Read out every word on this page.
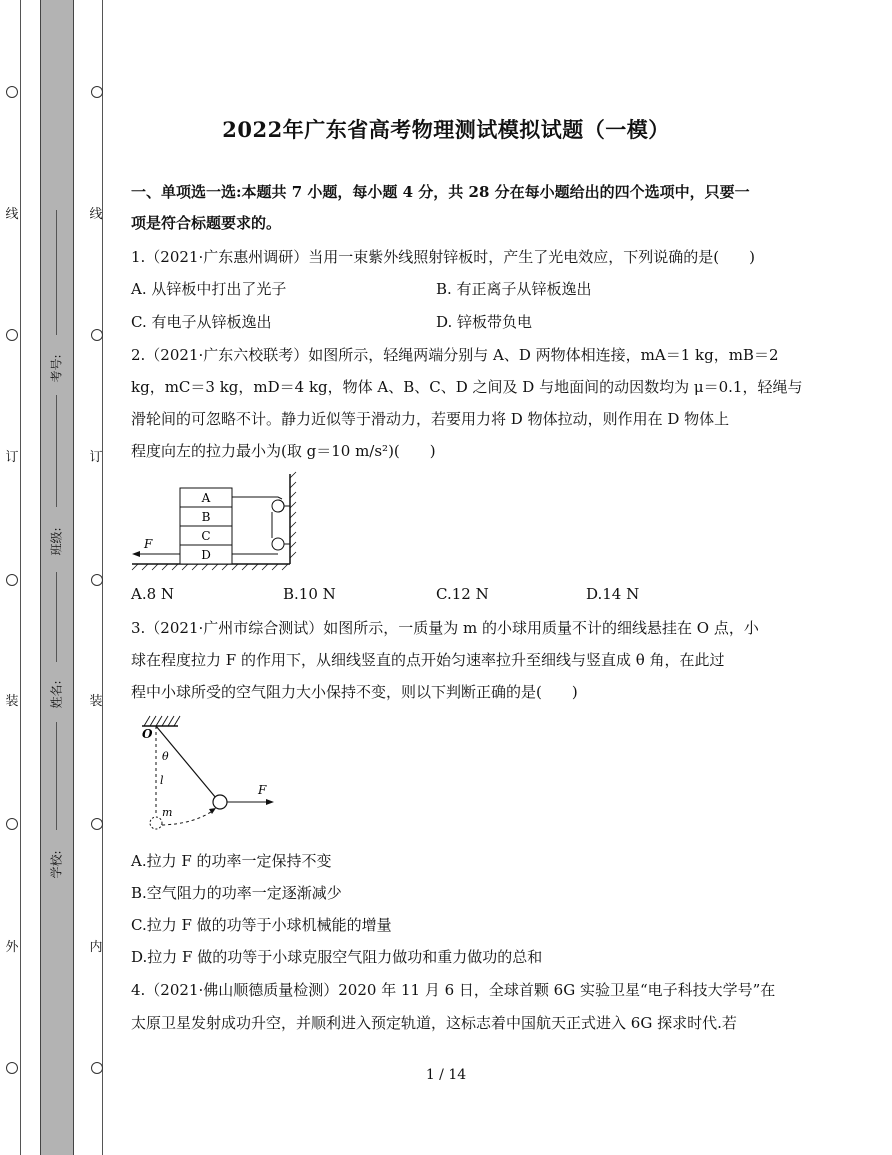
线
订
装
外
线
订
装
内
考号:
班级:
姓名:
学校:
2022年广东省高考物理测试模拟试题（一模）
一、单项选一选:本题共 7 小题，每小题 4 分，共 28 分在每小题给出的四个选项中，只要一
项是符合标题要求的。
1.（2021·广东惠州调研）当用一束紫外线照射锌板时，产生了光电效应，下列说确的是(　　)
A. 从锌板中打出了光子	B. 有正离子从锌板逸出
C. 有电子从锌板逸出	D. 锌板带负电
2.（2021·广东六校联考）如图所示，轻绳两端分别与 A、D 两物体相连接，mA＝1 kg，mB＝2
kg，mC＝3 kg，mD＝4 kg，物体 A、B、C、D 之间及 D 与地面间的动因数均为 μ＝0.1，轻绳与
滑轮间的可忽略不计。静力近似等于滑动力，若要用力将 D 物体拉动，则作用在 D 物体上
程度向左的拉力最小为(取 g＝10 m/s²)(　　)
A
B
C
D
F
A.8 N	B.10 N	C.12 N	D.14 N
3.（2021·广州市综合测试）如图所示，一质量为 m 的小球用质量不计的细线悬挂在 O 点，小
球在程度拉力 F 的作用下，从细线竖直的点开始匀速率拉升至细线与竖直成 θ 角，在此过
程中小球所受的空气阻力大小保持不变，则以下判断正确的是(　　)
O
θ
l
m
F
A.拉力 F 的功率一定保持不变
B.空气阻力的功率一定逐渐减少
C.拉力 F 做的功等于小球机械能的增量
D.拉力 F 做的功等于小球克服空气阻力做功和重力做功的总和
4.（2021·佛山顺德质量检测）2020 年 11 月 6 日，全球首颗 6G 实验卫星“电子科技大学号”在
太原卫星发射成功升空，并顺利进入预定轨道，这标志着中国航天正式进入 6G 探求时代.若
1 / 14
